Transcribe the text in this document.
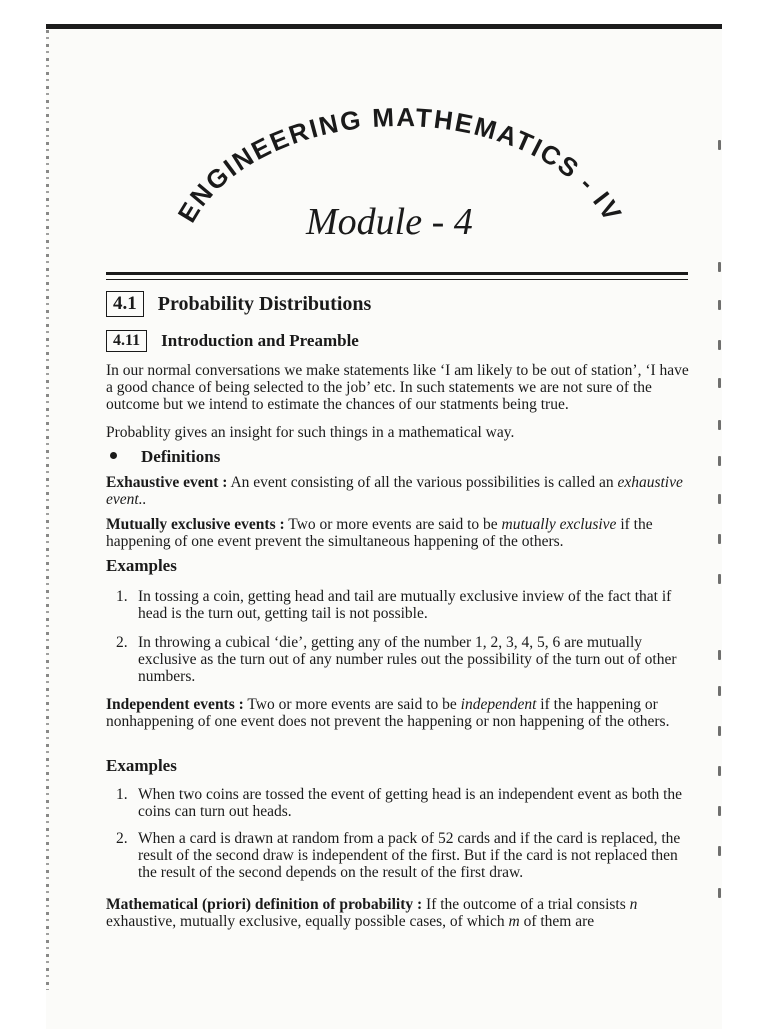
ENGINEERING MATHEMATICS - IV
Module - 4
4.1	Probability Distributions
4.11	Introduction and Preamble
In our normal conversations we make statements like ‘I am likely to be out of station’, ‘I have a good chance of being selected to the job’ etc. In such statements we are not sure of the outcome but we intend to estimate the chances of our statments being true.
Probablity gives an insight for such things in a mathematical way.
Definitions
Exhaustive event : An event consisting of all the various possibilities is called an exhaustive event..
Mutually exclusive events : Two or more events are said to be mutually exclusive if the happening of one event prevent the simultaneous happening of the others.
Examples
1. In tossing a coin, getting head and tail are mutually exclusive inview of the fact that if head is the turn out, getting tail is not possible.
2. In throwing a cubical ‘die’, getting any of the number 1, 2, 3, 4, 5, 6 are mutually exclusive as the turn out of any number rules out the possibility of the turn out of other numbers.
Independent events : Two or more events are said to be independent if the happening or nonhappening of one event does not prevent the happening or non happening of the others.
Examples
1. When two coins are tossed the event of getting head is an independent event as both the coins can turn out heads.
2. When a card is drawn at random from a pack of 52 cards and if the card is replaced, the result of the second draw is independent of the first. But if the card is not replaced then the result of the second depends on the result of the first draw.
Mathematical (priori) definition of probability : If the outcome of a trial consists n exhaustive, mutually exclusive, equally possible cases, of which m of them are
